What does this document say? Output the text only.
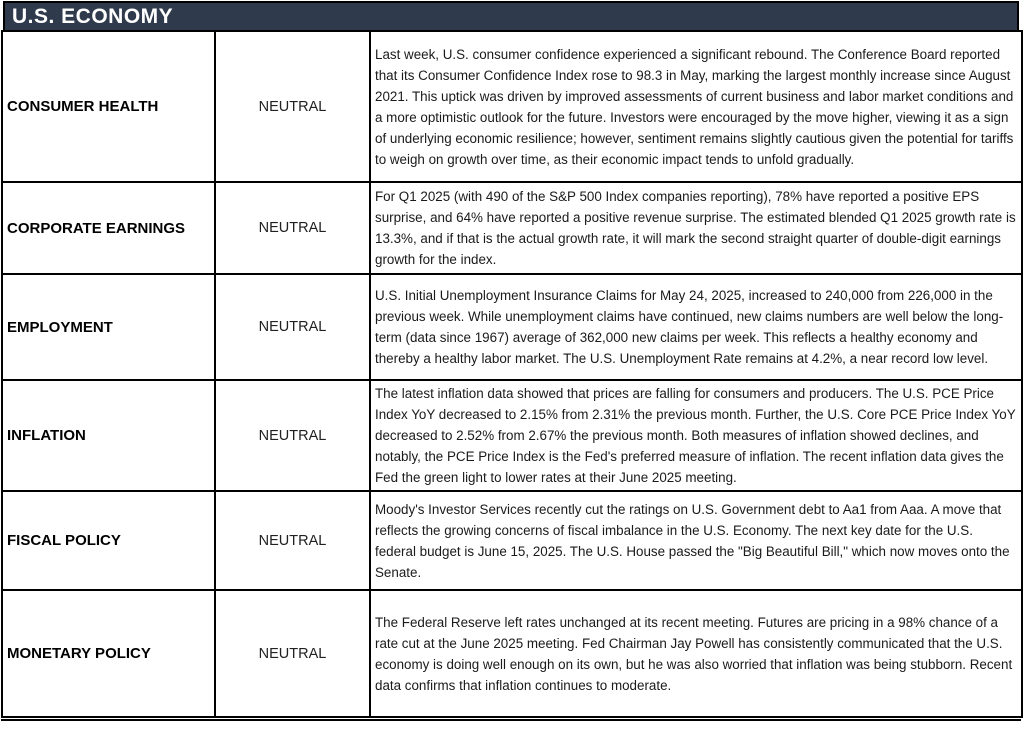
U.S. ECONOMY
CONSUMER HEALTH	NEUTRAL	Last week, U.S. consumer confidence experienced a significant rebound. The Conference Board reported that its Consumer Confidence Index rose to 98.3 in May, marking the largest monthly increase since August 2021. This uptick was driven by improved assessments of current business and labor market conditions and a more optimistic outlook for the future. Investors were encouraged by the move higher, viewing it as a sign of underlying economic resilience; however, sentiment remains slightly cautious given the potential for tariffs to weigh on growth over time, as their economic impact tends to unfold gradually.
CORPORATE EARNINGS	NEUTRAL	For Q1 2025 (with 490 of the S&P 500 Index companies reporting), 78% have reported a positive EPS surprise, and 64% have reported a positive revenue surprise. The estimated blended Q1 2025 growth rate is 13.3%, and if that is the actual growth rate, it will mark the second straight quarter of double-digit earnings growth for the index.
EMPLOYMENT	NEUTRAL	U.S. Initial Unemployment Insurance Claims for May 24, 2025, increased to 240,000 from 226,000 in the previous week. While unemployment claims have continued, new claims numbers are well below the long-term (data since 1967) average of 362,000 new claims per week. This reflects a healthy economy and thereby a healthy labor market. The U.S. Unemployment Rate remains at 4.2%, a near record low level.
INFLATION	NEUTRAL	The latest inflation data showed that prices are falling for consumers and producers. The U.S. PCE Price Index YoY decreased to 2.15% from 2.31% the previous month. Further, the U.S. Core PCE Price Index YoY decreased to 2.52% from 2.67% the previous month. Both measures of inflation showed declines, and notably, the PCE Price Index is the Fed's preferred measure of inflation. The recent inflation data gives the Fed the green light to lower rates at their June 2025 meeting.
FISCAL POLICY	NEUTRAL	Moody's Investor Services recently cut the ratings on U.S. Government debt to Aa1 from Aaa. A move that reflects the growing concerns of fiscal imbalance in the U.S. Economy. The next key date for the U.S. federal budget is June 15, 2025. The U.S. House passed the "Big Beautiful Bill," which now moves onto the Senate.
MONETARY POLICY	NEUTRAL	The Federal Reserve left rates unchanged at its recent meeting. Futures are pricing in a 98% chance of a rate cut at the June 2025 meeting. Fed Chairman Jay Powell has consistently communicated that the U.S. economy is doing well enough on its own, but he was also worried that inflation was being stubborn. Recent data confirms that inflation continues to moderate.
